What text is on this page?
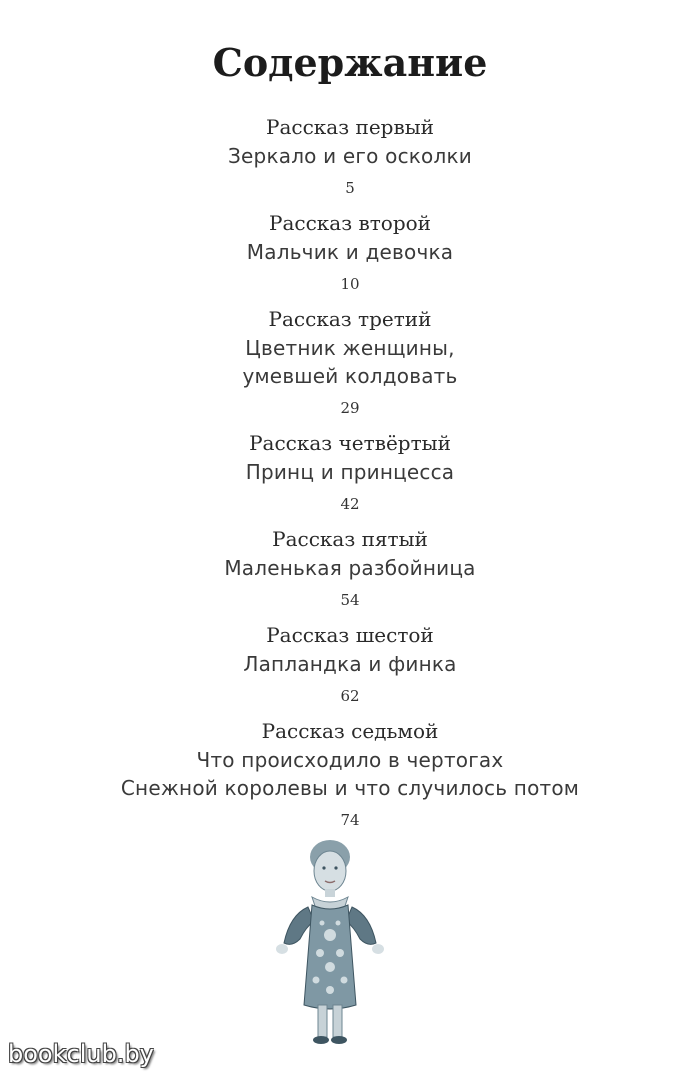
Содержание
Рассказ первый
Зеркало и его осколки
5
Рассказ второй
Мальчик и девочка
10
Рассказ третий
Цветник женщины,
умевшей колдовать
29
Рассказ четвёртый
Принц и принцесса
42
Рассказ пятый
Маленькая разбойница
54
Рассказ шестой
Лапландка и финка
62
Рассказ седьмой
Что происходило в чертогах
Снежной королевы и что случилось потом
74
bookclub.by
